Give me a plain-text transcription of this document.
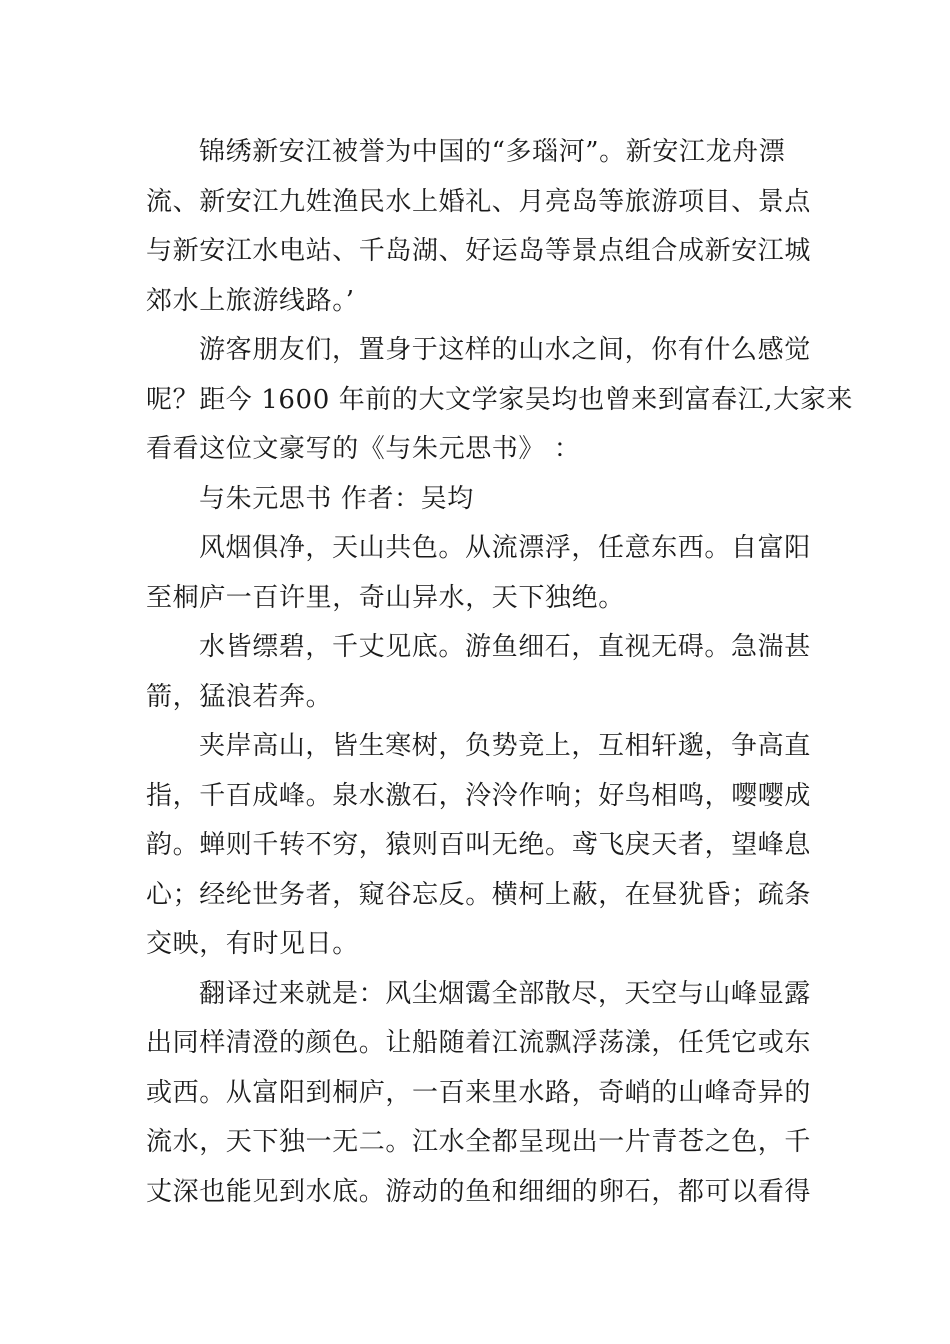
锦绣新安江被誉为中国的“多瑙河”。新安江龙舟漂
流、新安江九姓渔民水上婚礼、月亮岛等旅游项目、景点
与新安江水电站、千岛湖、好运岛等景点组合成新安江城
郊水上旅游线路。’
游客朋友们，置身于这样的山水之间，你有什么感觉
呢？距今 1600 年前的大文学家吴均也曾来到富春江,大家来
看看这位文豪写的《与朱元思书》 ：
与朱元思书 作者：吴均
风烟俱净，天山共色。从流漂浮，任意东西。自富阳
至桐庐一百许里，奇山异水，天下独绝。
水皆缥碧，千丈见底。游鱼细石，直视无碍。急湍甚
箭，猛浪若奔。
夹岸高山，皆生寒树，负势竞上，互相轩邈，争高直
指，千百成峰。泉水激石，泠泠作响；好鸟相鸣，嘤嘤成
韵。蝉则千转不穷，猿则百叫无绝。鸢飞戾天者，望峰息
心；经纶世务者，窥谷忘反。横柯上蔽，在昼犹昏；疏条
交映，有时见日。
翻译过来就是：风尘烟霭全部散尽，天空与山峰显露
出同样清澄的颜色。让船随着江流飘浮荡漾，任凭它或东
或西。从富阳到桐庐，一百来里水路，奇峭的山峰奇异的
流水，天下独一无二。江水全都呈现出一片青苍之色，千
丈深也能见到水底。游动的鱼和细细的卵石，都可以看得
